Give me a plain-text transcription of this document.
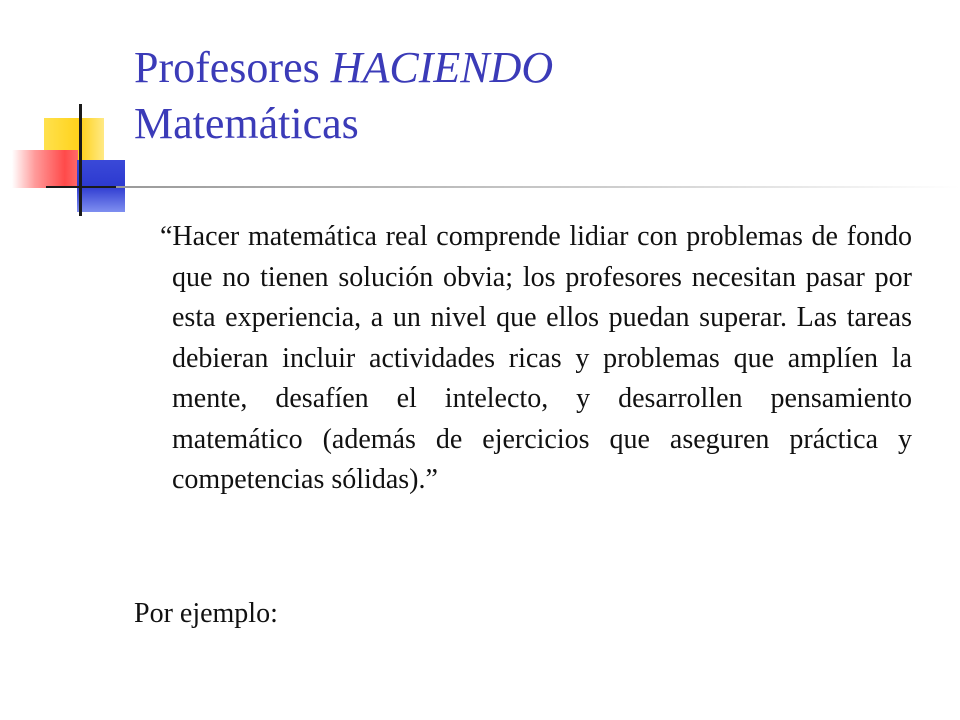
Profesores HACIENDO
Matemáticas

“Hacer matemática real comprende lidiar con problemas de fondo que no tienen solución obvia; los profesores necesitan pasar por esta experiencia, a un nivel que ellos puedan superar. Las tareas debieran incluir actividades ricas y problemas que amplíen la mente, desafíen el intelecto, y desarrollen pensamiento matemático (además de ejercicios que aseguren práctica y competencias sólidas).”

Por ejemplo:
